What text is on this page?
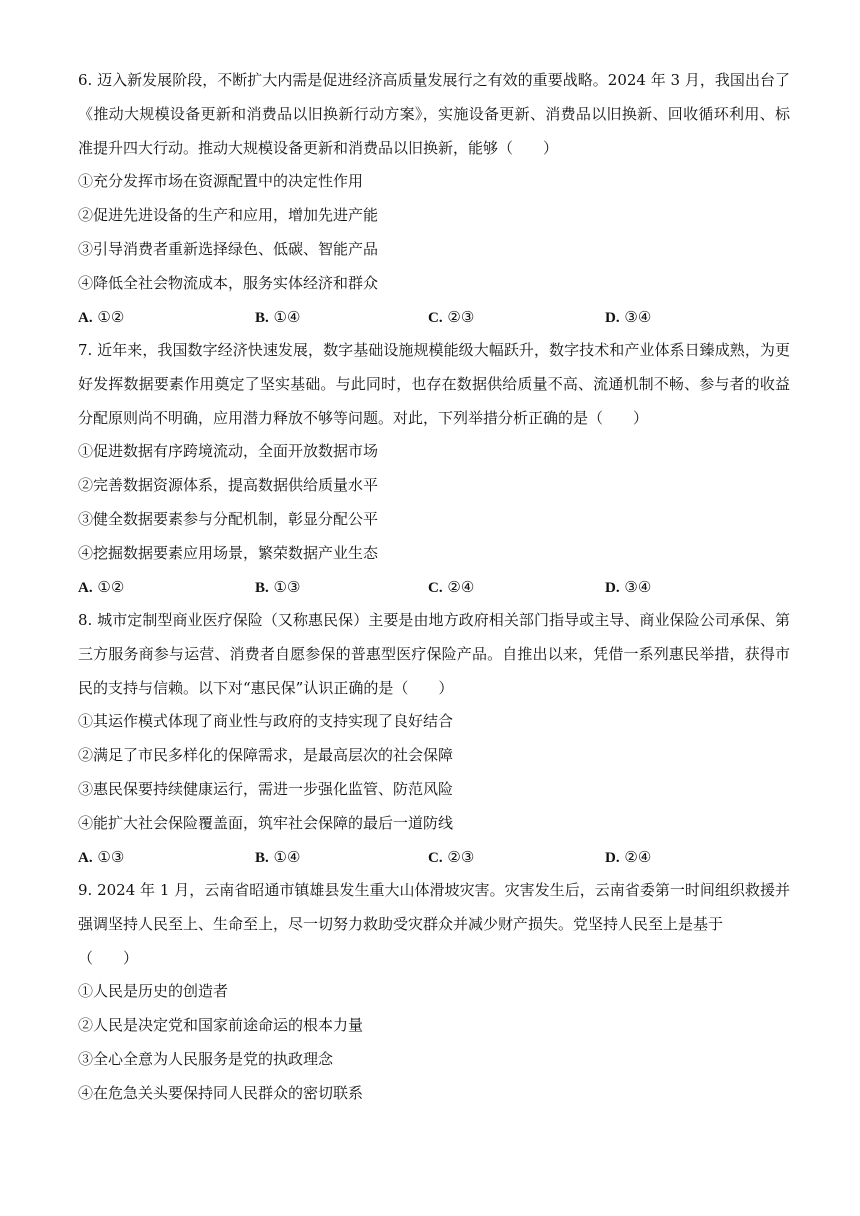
6. 迈入新发展阶段，不断扩大内需是促进经济高质量发展行之有效的重要战略。2024 年 3 月，我国出台了《推动大规模设备更新和消费品以旧换新行动方案》，实施设备更新、消费品以旧换新、回收循环利用、标准提升四大行动。推动大规模设备更新和消费品以旧换新，能够（　　）

①充分发挥市场在资源配置中的决定性作用
②促进先进设备的生产和应用，增加先进产能
③引导消费者重新选择绿色、低碳、智能产品
④降低全社会物流成本，服务实体经济和群众
A. ①②	B. ①④	C. ②③	D. ③④

7. 近年来，我国数字经济快速发展，数字基础设施规模能级大幅跃升，数字技术和产业体系日臻成熟，为更好发挥数据要素作用奠定了坚实基础。与此同时，也存在数据供给质量不高、流通机制不畅、参与者的收益分配原则尚不明确，应用潜力释放不够等问题。对此，下列举措分析正确的是（　　）

①促进数据有序跨境流动，全面开放数据市场
②完善数据资源体系，提高数据供给质量水平
③健全数据要素参与分配机制，彰显分配公平
④挖掘数据要素应用场景，繁荣数据产业生态
A. ①②	B. ①③	C. ②④	D. ③④

8. 城市定制型商业医疗保险（又称惠民保）主要是由地方政府相关部门指导或主导、商业保险公司承保、第三方服务商参与运营、消费者自愿参保的普惠型医疗保险产品。自推出以来，凭借一系列惠民举措，获得市民的支持与信赖。以下对“惠民保”认识正确的是（　　）

①其运作模式体现了商业性与政府的支持实现了良好结合
②满足了市民多样化的保障需求，是最高层次的社会保障
③惠民保要持续健康运行，需进一步强化监管、防范风险
④能扩大社会保险覆盖面，筑牢社会保障的最后一道防线
A. ①③	B. ①④	C. ②③	D. ②④

9. 2024 年 1 月，云南省昭通市镇雄县发生重大山体滑坡灾害。灾害发生后，云南省委第一时间组织救援并强调坚持人民至上、生命至上，尽一切努力救助受灾群众并减少财产损失。党坚持人民至上是基于

（　　）
①人民是历史的创造者
②人民是决定党和国家前途命运的根本力量
③全心全意为人民服务是党的执政理念
④在危急关头要保持同人民群众的密切联系
